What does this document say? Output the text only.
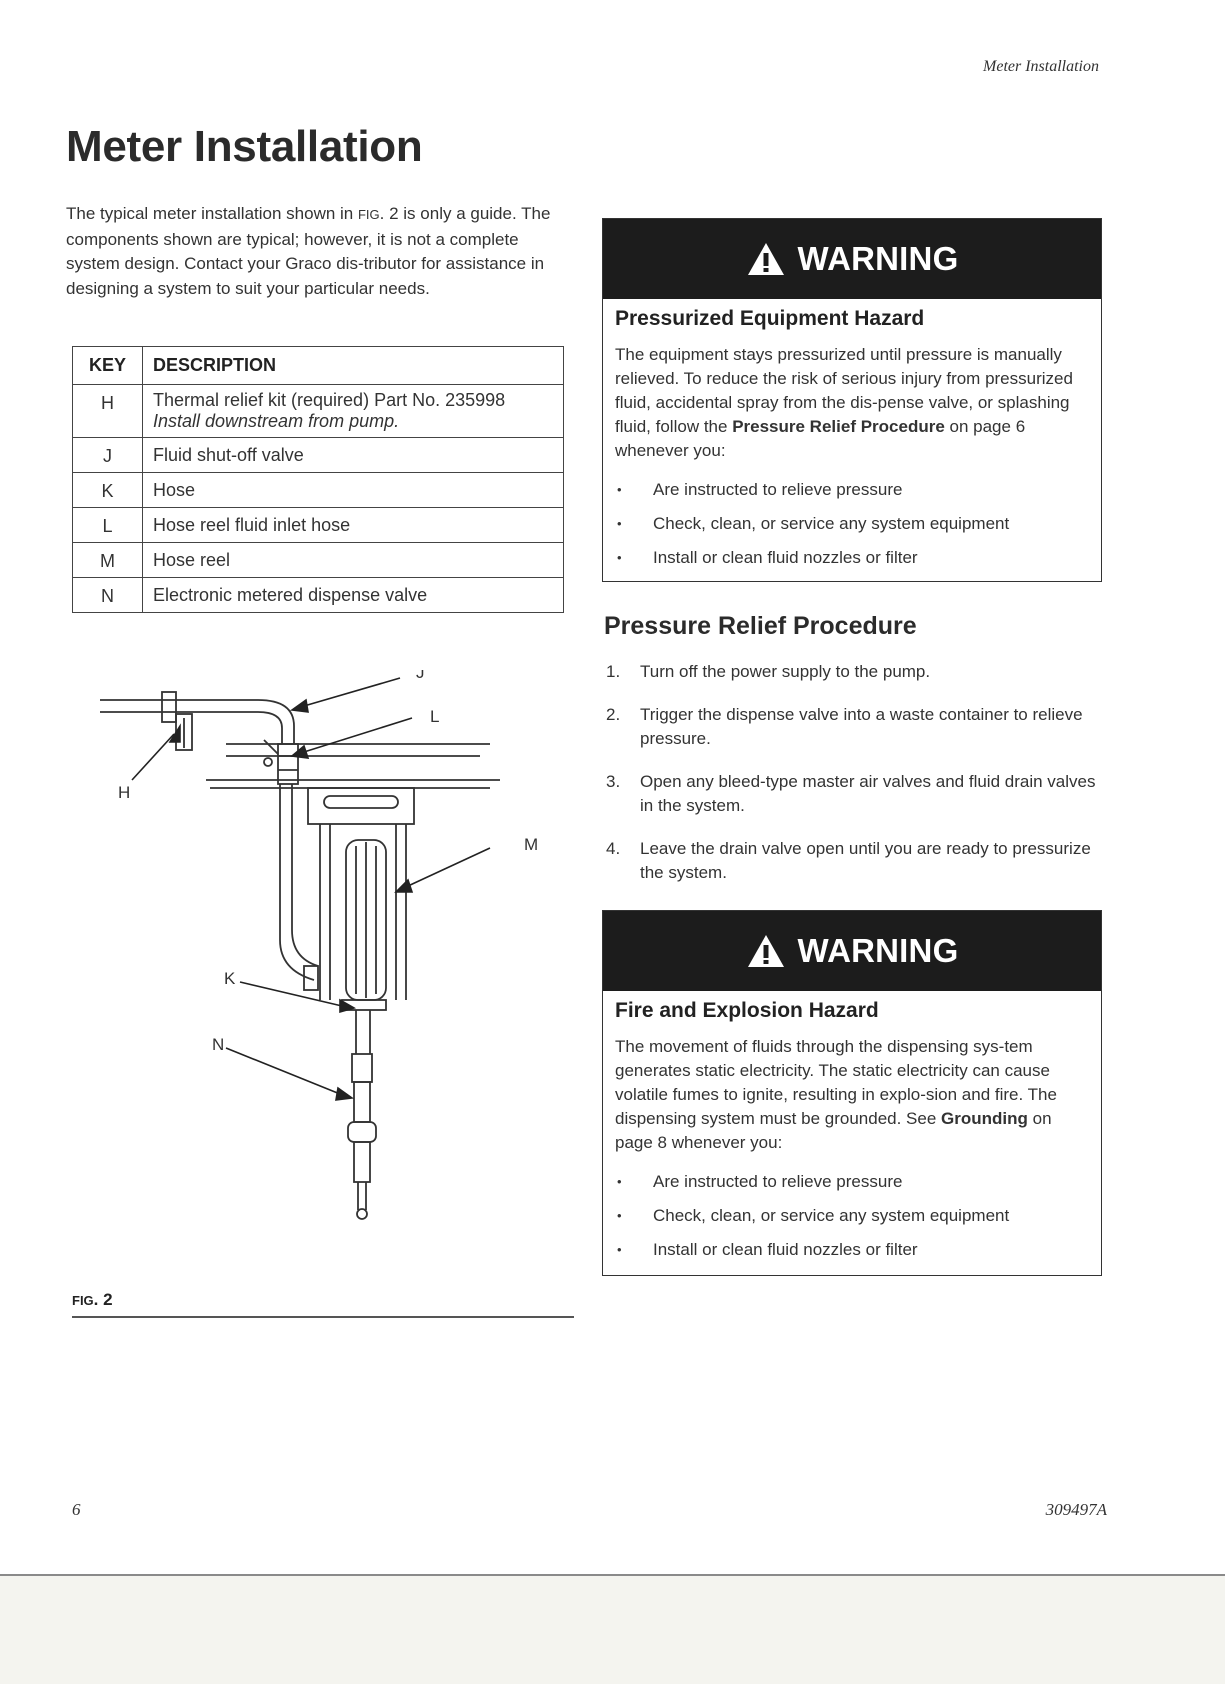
Meter Installation
Meter Installation

The typical meter installation shown in FIG. 2 is only a guide. The components shown are typical; however, it is not a complete system design. Contact your Graco dis-tributor for assistance in designing a system to suit your particular needs.

KEY	DESCRIPTION
H	Thermal relief kit (required) Part No. 235998
Install downstream from pump.

J	Fluid shut-off valve
K	Hose
L	Hose reel fluid inlet hose
M	Hose reel
N	Electronic metered dispense valve
J
L
H
M
K
N
FIG. 2
WARNING
Pressurized Equipment Hazard

The equipment stays pressurized until pressure is manually relieved. To reduce the risk of serious injury from pressurized fluid, accidental spray from the dis-pense valve, or splashing fluid, follow the Pressure Relief Procedure on page 6 whenever you:

• Are instructed to relieve pressure
• Check, clean, or service any system equipment
• Install or clean fluid nozzles or filter
Pressure Relief Procedure
1. Turn off the power supply to the pump.
2. Trigger the dispense valve into a waste container to relieve pressure.
3. Open any bleed-type master air valves and fluid drain valves in the system.
4. Leave the drain valve open until you are ready to pressurize the system.
WARNING
Fire and Explosion Hazard

The movement of fluids through the dispensing sys-tem generates static electricity. The static electricity can cause volatile fumes to ignite, resulting in explo-sion and fire. The dispensing system must be grounded. See Grounding on page 8 whenever you:

• Are instructed to relieve pressure
• Check, clean, or service any system equipment
• Install or clean fluid nozzles or filter
6	309497A
